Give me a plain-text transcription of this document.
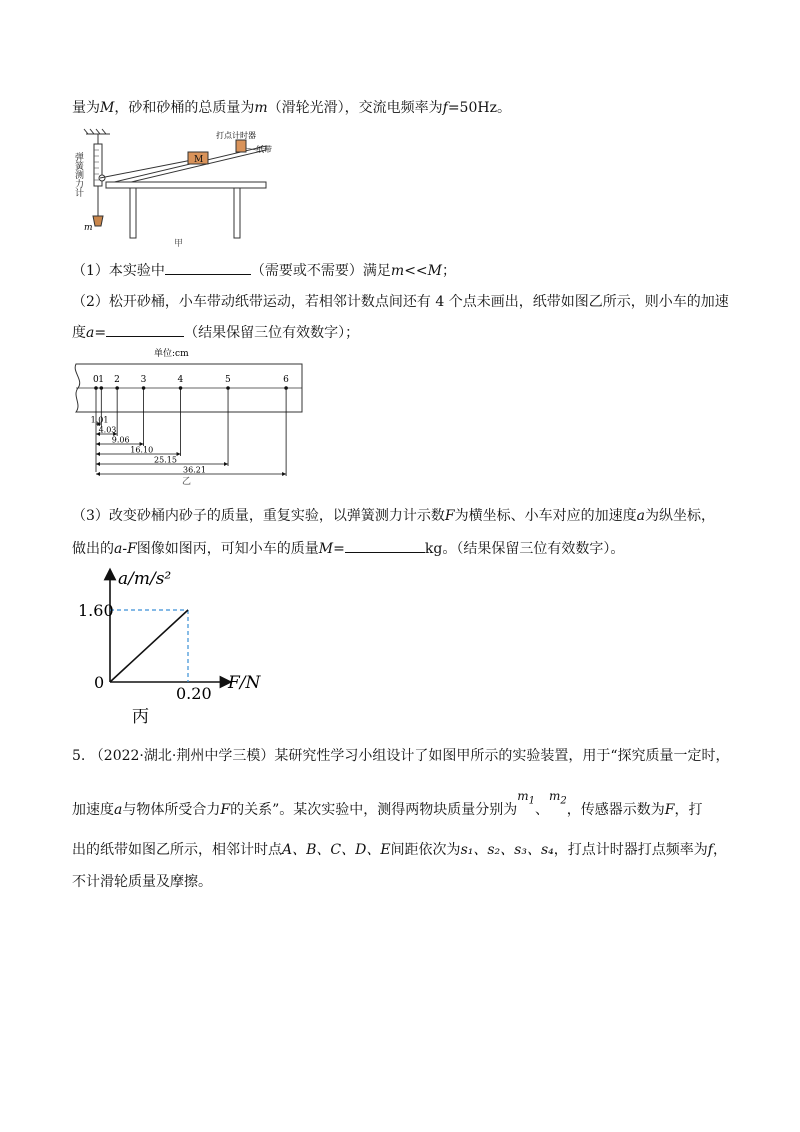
量为M，砂和砂桶的总质量为m（滑轮光滑），交流电频率为f=50Hz。
弹簧测力计
m
M
打点计时器
纸带
甲
（1）本实验中	（需要或不需要）满足m<<M；
（2）松开砂桶，小车带动纸带运动，若相邻计数点间还有 4 个点未画出，纸带如图乙所示，则小车的加速
度a=	（结果保留三位有效数字）；
单位:cm
0 1 2 3	4	5	6
1.01
4.03
9.06
16.10
25.15
36.21
乙
（3）改变砂桶内砂子的质量，重复实验，以弹簧测力计示数F为横坐标、小车对应的加速度a为纵坐标，
做出的a-F图像如图丙，可知小车的质量M=	kg。（结果保留三位有效数字）。
a/m/s²
F/N
1.60
0.20
0
丙
5. （2022·湖北·荆州中学三模）某研究性学习小组设计了如图甲所示的实验装置，用于“探究质量一定时，
加速度a与物体所受合力F的关系”。某次实验中，测得两物块质量分别为$m_1$、$m_2$，传感器示数为F，打
出的纸带如图乙所示，相邻计时点A、B、C、D、E间距依次为s₁、s₂、s₃、s₄，打点计时器打点频率为f，
不计滑轮质量及摩擦。
